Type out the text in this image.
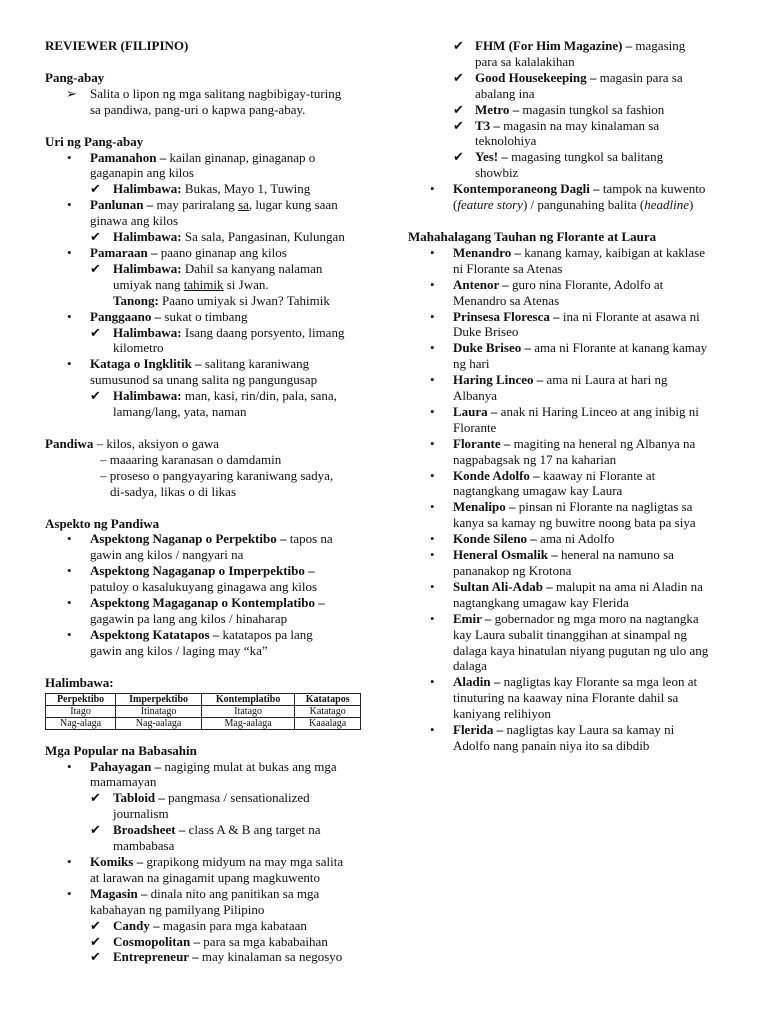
REVIEWER (FILIPINO)
Pang-abay
➢ Salita o lipon ng mga salitang nagbibigay-turing
sa pandiwa, pang-uri o kapwa pang-abay.
Uri ng Pang-abay
• Pamanahon – kailan ginanap, ginaganap o
gaganapin ang kilos
✔ Halimbawa: Bukas, Mayo 1, Tuwing
• Panlunan – may pariralang sa, lugar kung saan
ginawa ang kilos
✔ Halimbawa: Sa sala, Pangasinan, Kulungan
• Pamaraan – paano ginanap ang kilos
✔ Halimbawa: Dahil sa kanyang nalaman
umiyak nang tahimik si Jwan.
Tanong: Paano umiyak si Jwan? Tahimik
• Panggaano – sukat o timbang
✔ Halimbawa: Isang daang porsyento, limang
kilometro
• Kataga o Ingklitik – salitang karaniwang
sumusunod sa unang salita ng pangungusap
✔ Halimbawa: man, kasi, rin/din, pala, sana,
lamang/lang, yata, naman
Pandiwa – kilos, aksiyon o gawa
– maaaring karanasan o damdamin
– proseso o pangyayaring karaniwang sadya,
di-sadya, likas o di likas
Aspekto ng Pandiwa
• Aspektong Naganap o Perpektibo – tapos na
gawin ang kilos / nangyari na
• Aspektong Nagaganap o Imperpektibo –
patuloy o kasalukuyang ginagawa ang kilos
• Aspektong Magaganap o Kontemplatibo –
gagawin pa lang ang kilos / hinaharap
• Aspektong Katatapos – katatapos pa lang
gawin ang kilos / laging may “ka”
Halimbawa:
Perpektibo	Imperpektibo	Kontemplatibo	Katatapos
Itago	Itinatago	Itatago	Katatago
Nag-alaga	Nag-aalaga	Mag-aalaga	Kaaalaga
Mga Popular na Babasahin
• Pahayagan – nagiging mulat at bukas ang mga
mamamayan
✔ Tabloid – pangmasa / sensationalized
journalism
✔ Broadsheet – class A & B ang target na
mambabasa
• Komiks – grapikong midyum na may mga salita
at larawan na ginagamit upang magkuwento
• Magasin – dinala nito ang panitikan sa mga
kabahayan ng pamilyang Pilipino
✔ Candy – magasin para mga kabataan
✔ Cosmopolitan – para sa mga kababaihan
✔ Entrepreneur – may kinalaman sa negosyo
✔ FHM (For Him Magazine) – magasing
para sa kalalakihan
✔ Good Housekeeping – magasin para sa
abalang ina
✔ Metro – magasin tungkol sa fashion
✔ T3 – magasin na may kinalaman sa
teknolohiya
✔ Yes! – magasing tungkol sa balitang
showbiz
• Kontemporaneong Dagli – tampok na kuwento
(feature story) / pangunahing balita (headline)
Mahahalagang Tauhan ng Florante at Laura
• Menandro – kanang kamay, kaibigan at kaklase
ni Florante sa Atenas
• Antenor – guro nina Florante, Adolfo at
Menandro sa Atenas
• Prinsesa Floresca – ina ni Florante at asawa ni
Duke Briseo
• Duke Briseo – ama ni Florante at kanang kamay
ng hari
• Haring Linceo – ama ni Laura at hari ng
Albanya
• Laura – anak ni Haring Linceo at ang inibig ni
Florante
• Florante – magiting na heneral ng Albanya na
nagpabagsak ng 17 na kaharian
• Konde Adolfo – kaaway ni Florante at
nagtangkang umagaw kay Laura
• Menalipo – pinsan ni Florante na nagligtas sa
kanya sa kamay ng buwitre noong bata pa siya
• Konde Sileno – ama ni Adolfo
• Heneral Osmalik – heneral na namuno sa
pananakop ng Krotona
• Sultan Ali-Adab – malupit na ama ni Aladin na
nagtangkang umagaw kay Flerida
• Emir – gobernador ng mga moro na nagtangka
kay Laura subalit tinanggihan at sinampal ng
dalaga kaya hinatulan niyang pugutan ng ulo ang
dalaga
• Aladin – nagligtas kay Florante sa mga leon at
tinuturing na kaaway nina Florante dahil sa
kaniyang relihiyon
• Flerida – nagligtas kay Laura sa kamay ni
Adolfo nang panain niya ito sa dibdib
